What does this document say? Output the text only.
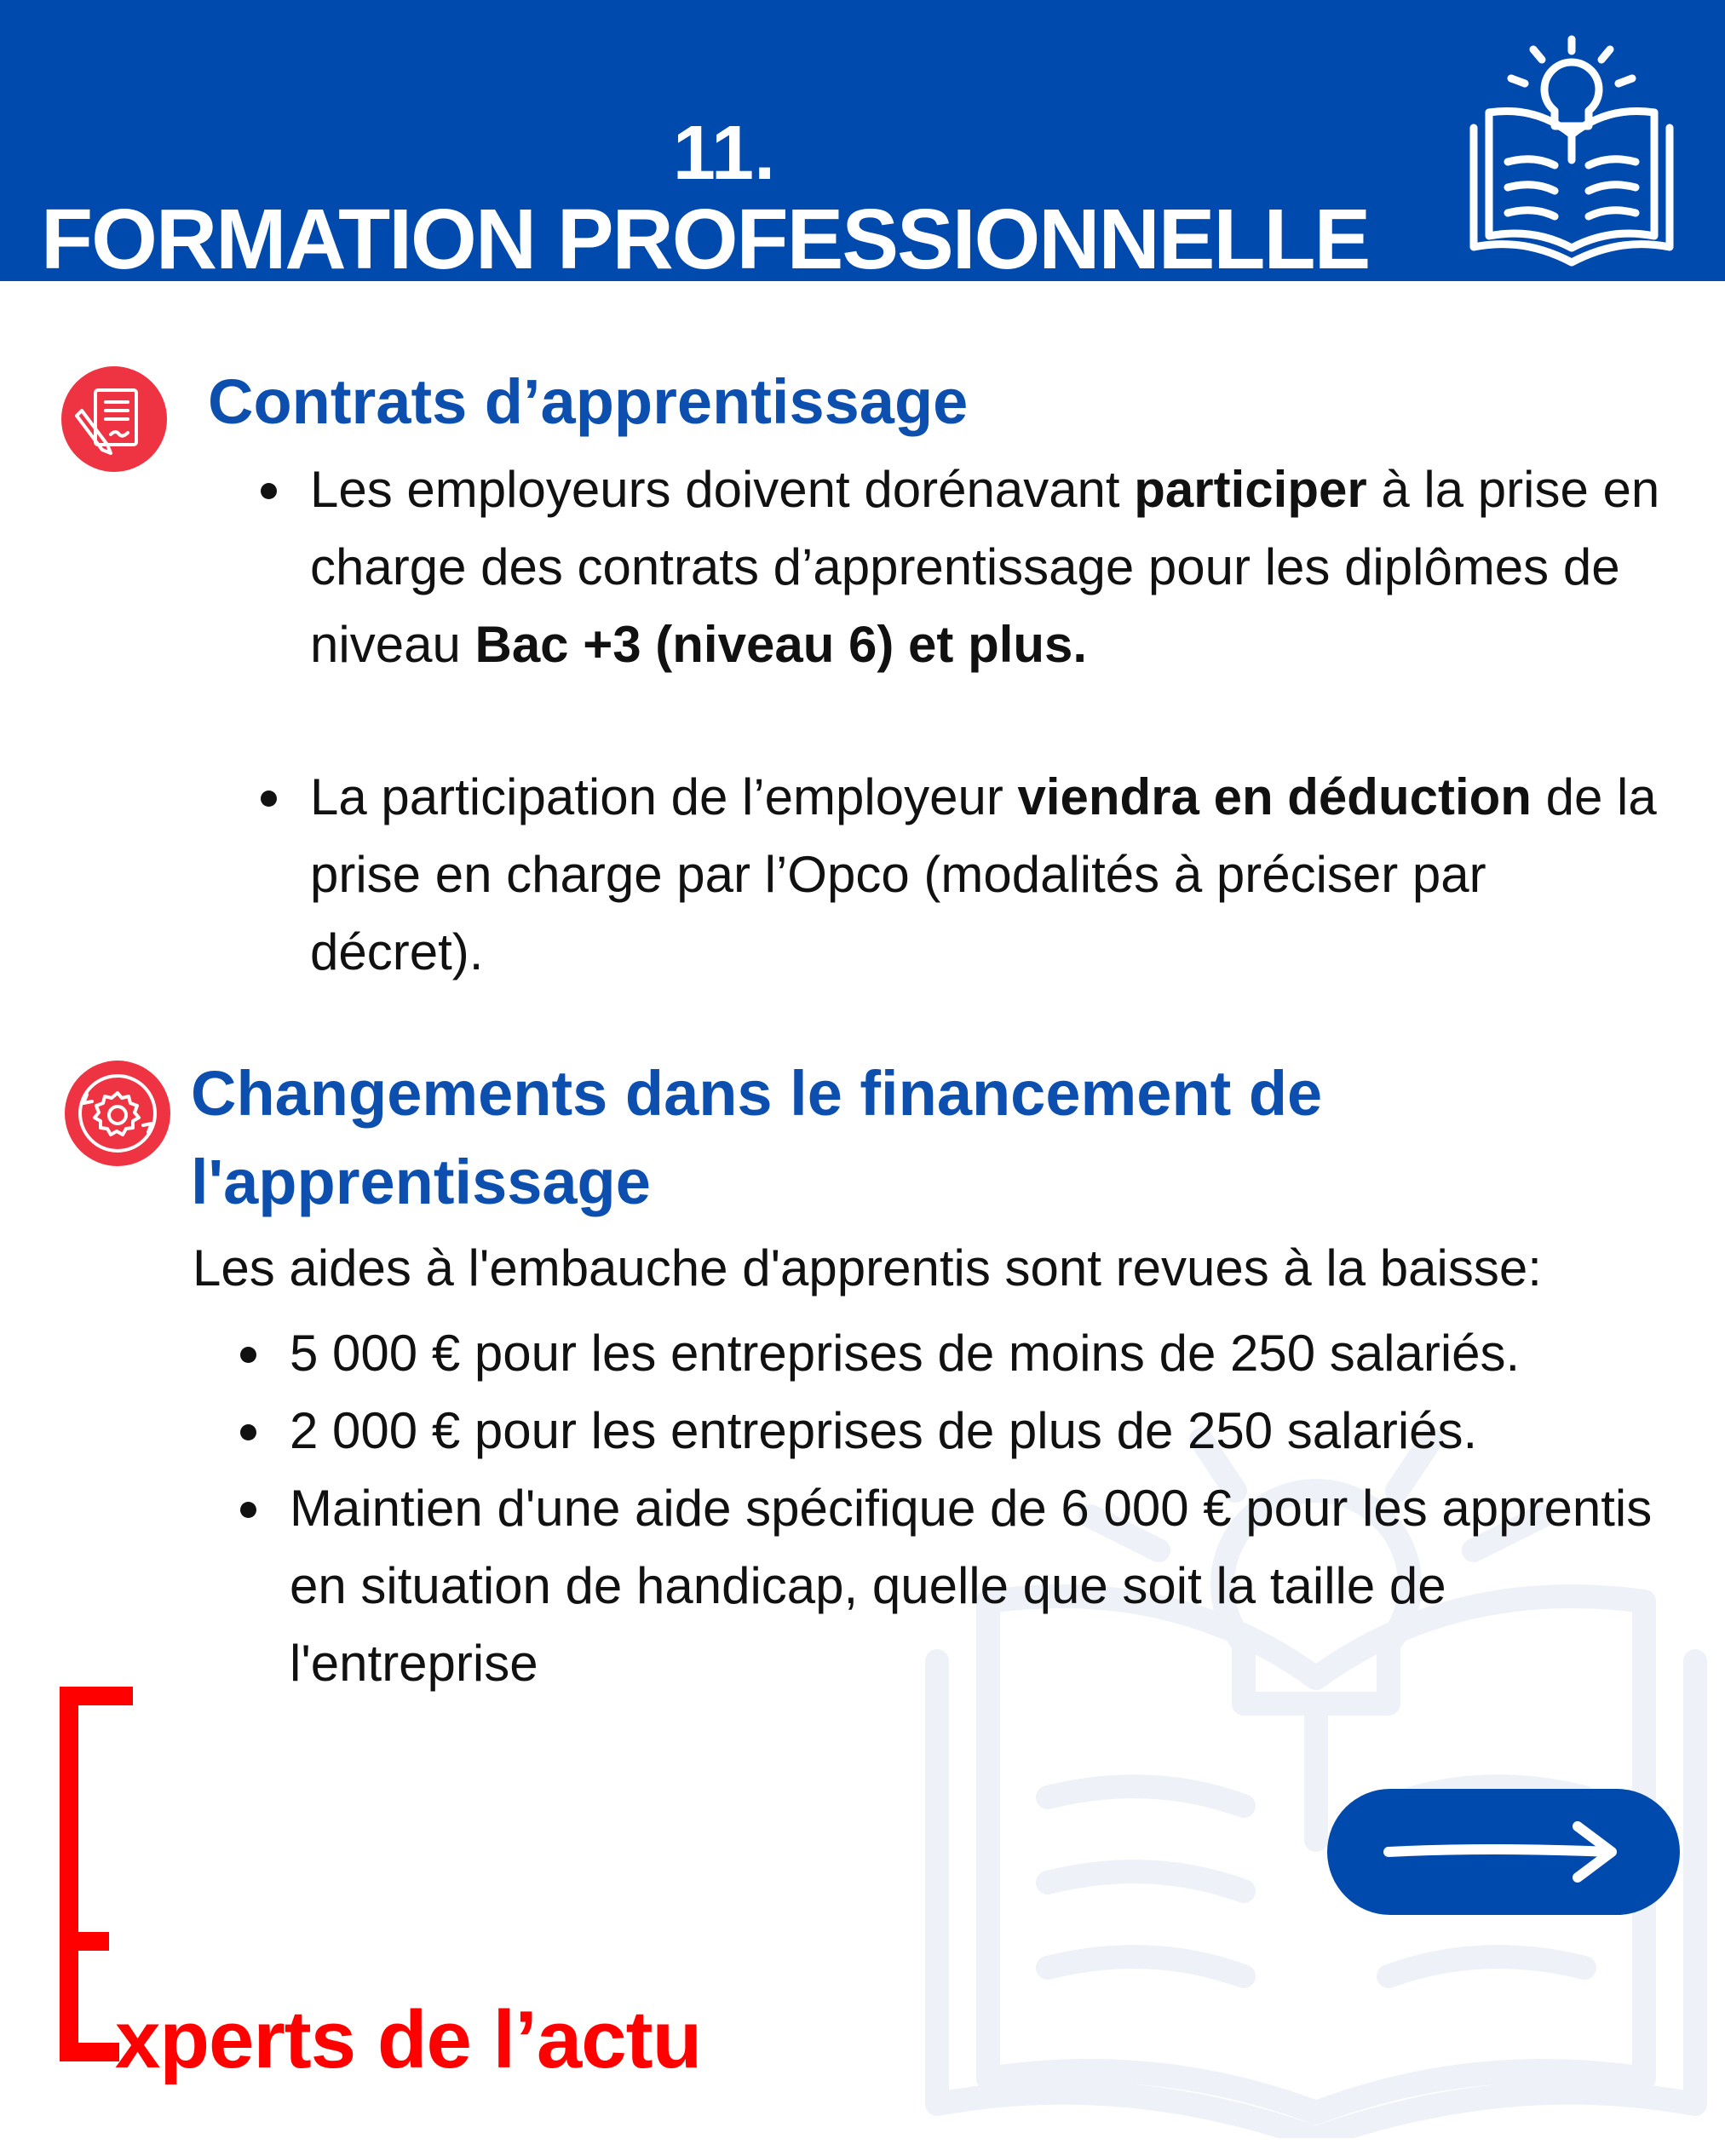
11.
FORMATION PROFESSIONNELLE
Contrats d’apprentissage
Les employeurs doivent dorénavant participer à la prise en charge des contrats d’apprentissage pour les diplômes de niveau Bac +3 (niveau 6) et plus.
La participation de l’employeur viendra en déduction de la prise en charge par l’Opco (modalités à préciser par décret).
Changements dans le financement de l'apprentissage

Les aides à l'embauche d'apprentis sont revues à la baisse:

5 000 € pour les entreprises de moins de 250 salariés.
2 000 € pour les entreprises de plus de 250 salariés.
Maintien d'une aide spécifique de 6 000 € pour les apprentis en situation de handicap, quelle que soit la taille de l'entreprise
xperts de l’actu
